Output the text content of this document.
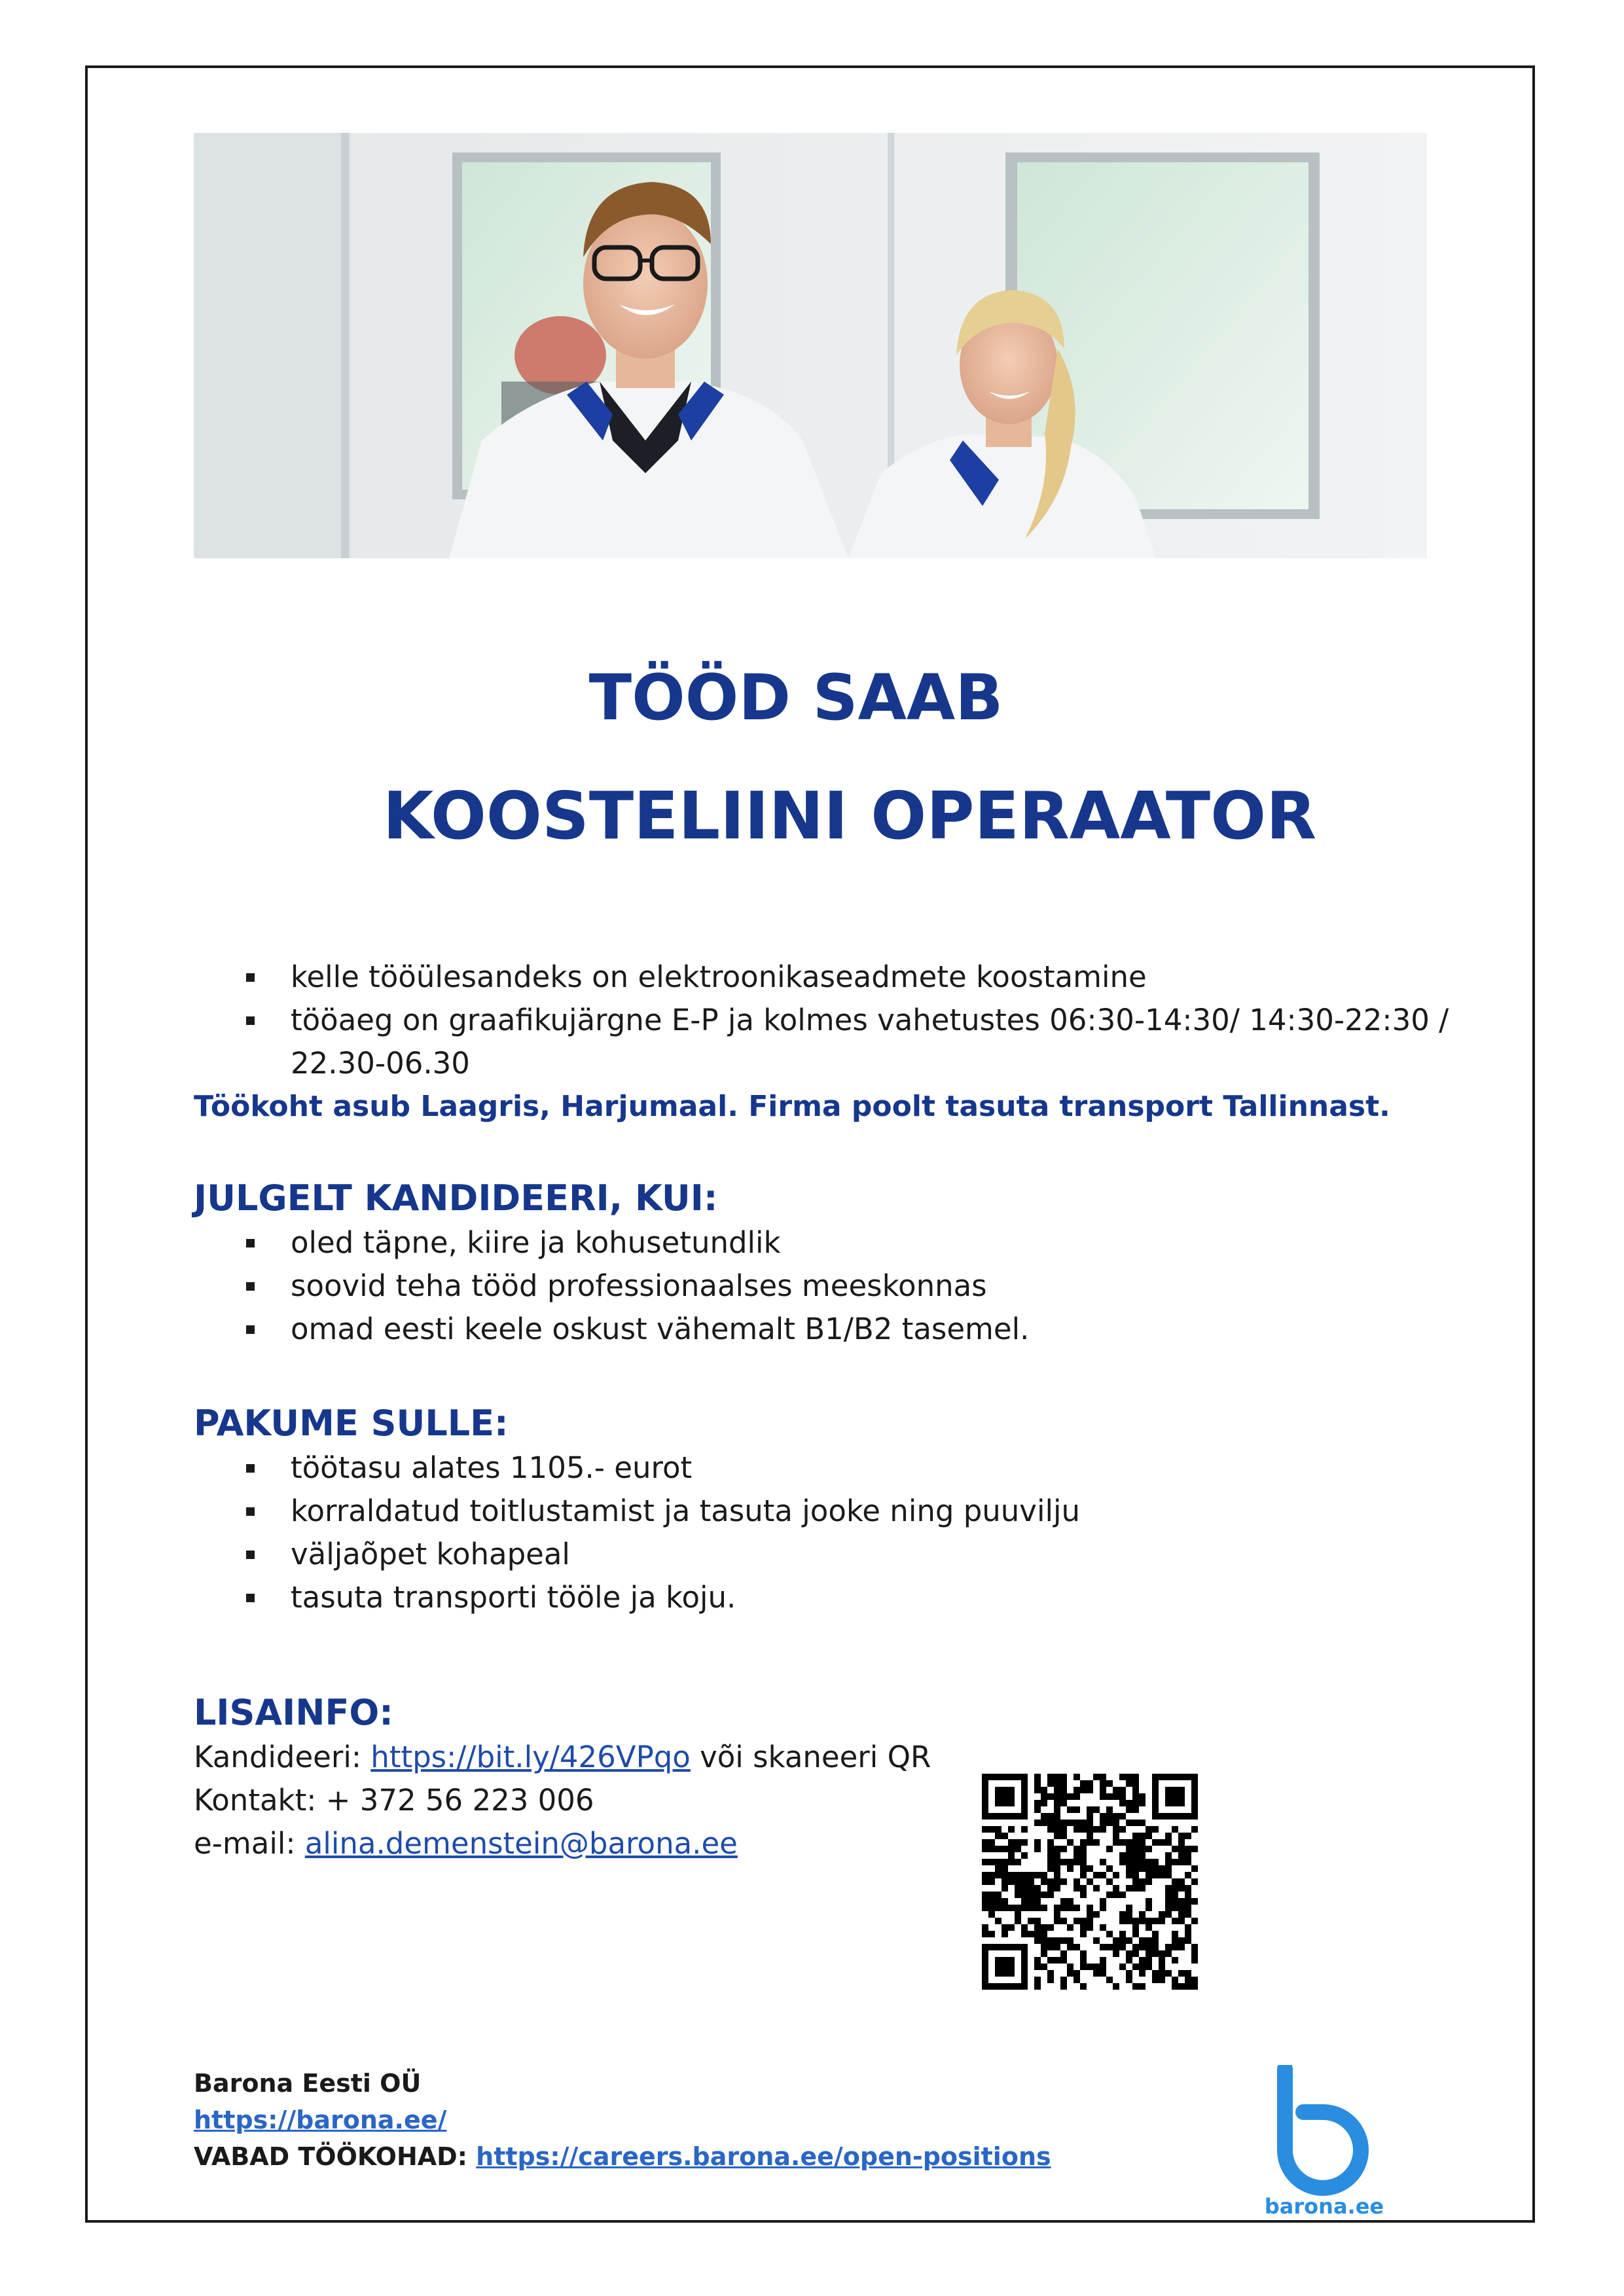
TÖÖD SAAB
KOOSTELIINI OPERAATOR
kelle tööülesandeks on elektroonikaseadmete koostamine
tööaeg on graafikujärgne E-P ja kolmes vahetustes 06:30-14:30/ 14:30-22:30 / 22.30-06.30
Töökoht asub Laagris, Harjumaal. Firma poolt tasuta transport Tallinnast.
JULGELT KANDIDEERI, KUI:
oled täpne, kiire ja kohusetundlik
soovid teha tööd professionaalses meeskonnas
omad eesti keele oskust vähemalt B1/B2 tasemel.
PAKUME SULLE:
töötasu alates 1105.- eurot
korraldatud toitlustamist ja tasuta jooke ning puuvilju
väljaõpet kohapeal
tasuta transporti tööle ja koju.
LISAINFO:
Kandideeri: https://bit.ly/426VPqo või skaneeri QR
Kontakt: + 372 56 223 006
e-mail: alina.demenstein@barona.ee
Barona Eesti OÜ
https://barona.ee/
VABAD TÖÖKOHAD: https://careers.barona.ee/open-positions
barona.ee
